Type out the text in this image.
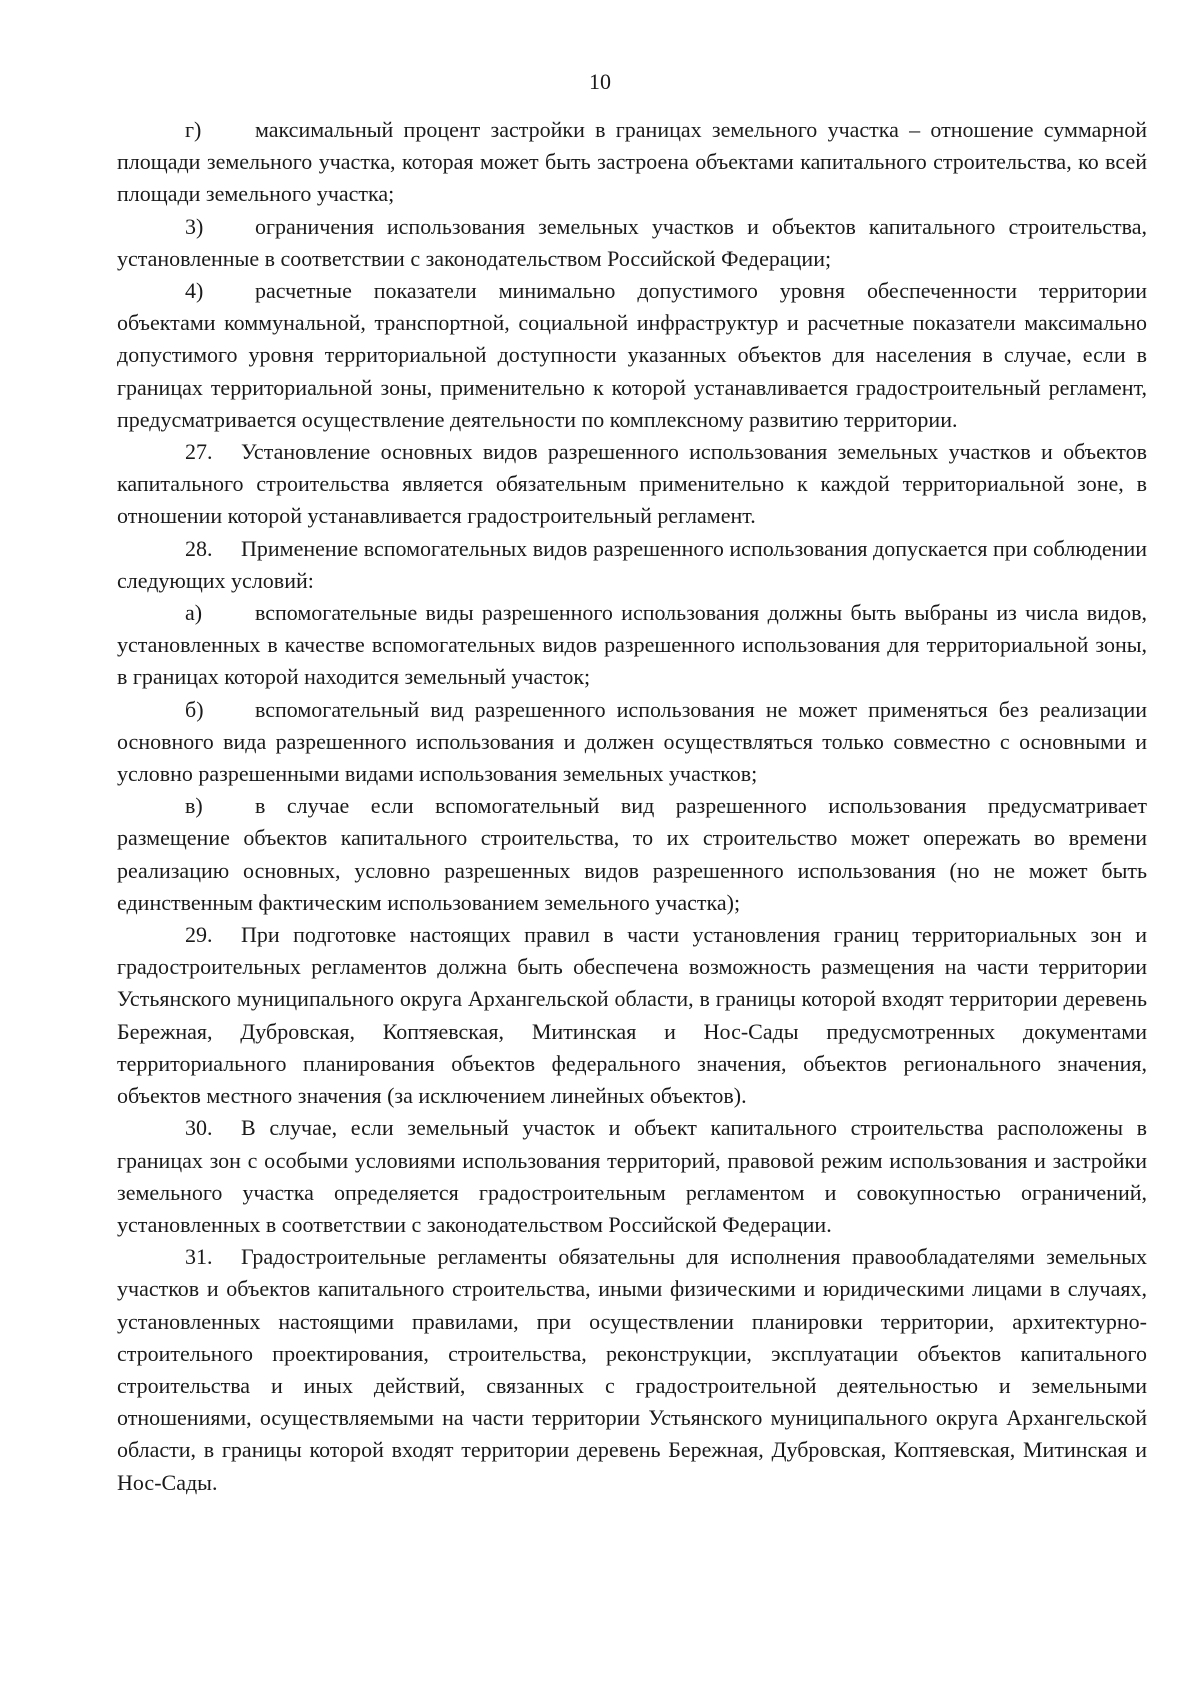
10

г) максимальный процент застройки в границах земельного участка – отношение суммарной площади земельного участка, которая может быть застроена объектами капитального строительства, ко всей площади земельного участка;

3) ограничения использования земельных участков и объектов капитального строительства, установленные в соответствии с законодательством Российской Федерации;

4) расчетные показатели минимально допустимого уровня обеспеченности территории объектами коммунальной, транспортной, социальной инфраструктур и расчетные показатели максимально допустимого уровня территориальной доступности указанных объектов для населения в случае, если в границах территориальной зоны, применительно к которой устанавливается градостроительный регламент, предусматривается осуществление деятельности по комплексному развитию территории.

27. Установление основных видов разрешенного использования земельных участков и объектов капитального строительства является обязательным применительно к каждой территориальной зоне, в отношении которой устанавливается градостроительный регламент.

28. Применение вспомогательных видов разрешенного использования допускается при соблюдении следующих условий:

а) вспомогательные виды разрешенного использования должны быть выбраны из числа видов, установленных в качестве вспомогательных видов разрешенного использования для территориальной зоны, в границах которой находится земельный участок;

б) вспомогательный вид разрешенного использования не может применяться без реализации основного вида разрешенного использования и должен осуществляться только совместно с основными и условно разрешенными видами использования земельных участков;

в) в случае если вспомогательный вид разрешенного использования предусматривает размещение объектов капитального строительства, то их строительство может опережать во времени реализацию основных, условно разрешенных видов разрешенного использования (но не может быть единственным фактическим использованием земельного участка);

29. При подготовке настоящих правил в части установления границ территориальных зон и градостроительных регламентов должна быть обеспечена возможность размещения на части территории Устьянского муниципального округа Архангельской области, в границы которой входят территории деревень Бережная, Дубровская, Коптяевская, Митинская и Нос-Сады предусмотренных документами территориального планирования объектов федерального значения, объектов регионального значения, объектов местного значения (за исключением линейных объектов).

30. В случае, если земельный участок и объект капитального строительства расположены в границах зон с особыми условиями использования территорий, правовой режим использования и застройки земельного участка определяется градостроительным регламентом и совокупностью ограничений, установленных в соответствии с законодательством Российской Федерации.

31. Градостроительные регламенты обязательны для исполнения правообладателями земельных участков и объектов капитального строительства, иными физическими и юридическими лицами в случаях, установленных настоящими правилами, при осуществлении планировки территории, архитектурно-строительного проектирования, строительства, реконструкции, эксплуатации объектов капитального строительства и иных действий, связанных с градостроительной деятельностью и земельными отношениями, осуществляемыми на части территории Устьянского муниципального округа Архангельской области, в границы которой входят территории деревень Бережная, Дубровская, Коптяевская, Митинская и Нос-Сады.
